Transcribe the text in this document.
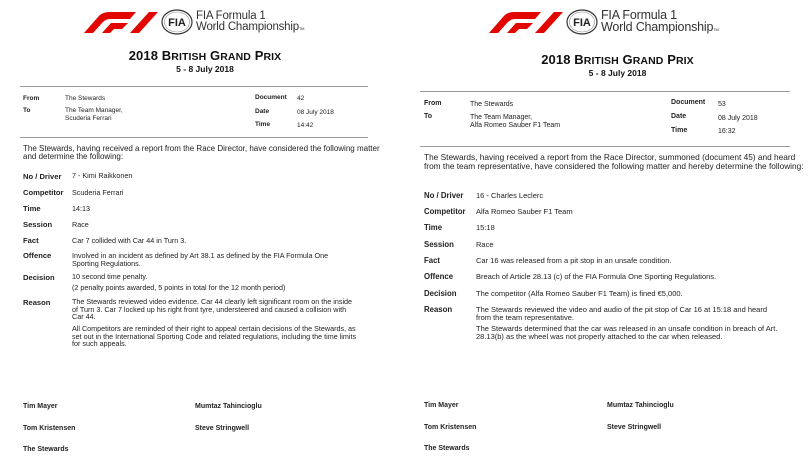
FIA
FIA Formula 1
World ChampionshipTM
2018 BRITISH GRAND PRIX
5 - 8 July 2018
From	The Stewards
To	The Team Manager,
Scuderia Ferrari
Document 42
Date	08 July 2018
Time	14:42
The Stewards, having received a report from the Race Director, have considered the following matter and determine the following:
No / Driver 7 - Kimi Raikkonen
Competitor Scuderia Ferrari
Time	14:13
Session	Race
Fact	Car 7 collided with Car 44 in Turn 3.
Offence	Involved in an incident as defined by Art 38.1 as defined by the FIA Formula One Sporting Regulations.
Decision 10 second time penalty.
(2 penalty points awarded, 5 points in total for the 12 month period)
Reason	The Stewards reviewed video evidence. Car 44 clearly left significant room on the inside of Turn 3. Car 7 locked up his right front tyre, understeered and caused a collision with Car 44.
All Competitors are reminded of their right to appeal certain decisions of the Stewards, as set out in the International Sporting Code and related regulations, including the time limits for such appeals.
Tim Mayer	Mumtaz Tahincioglu
Tom Kristensen	Steve Stringwell
The Stewards
FIA
FIA Formula 1
World ChampionshipTM
2018 BRITISH GRAND PRIX
5 - 8 July 2018
From	The Stewards
To	The Team Manager,
Alfa Romeo Sauber F1 Team
Document 53
Date	08 July 2018
Time	16:32
The Stewards, having received a report from the Race Director, summoned (document 45) and heard from the team representative, have considered the following matter and hereby determine the following:
No / Driver 16 - Charles Leclerc
Competitor Alfa Romeo Sauber F1 Team
Time	15:18
Session	Race
Fact	Car 16 was released from a pit stop in an unsafe condition.
Offence	Breach of Article 28.13 (c) of the FIA Formula One Sporting Regulations.
Decision	The competitor (Alfa Romeo Sauber F1 Team) is fined €5,000.
Reason	The Stewards reviewed the video and audio of the pit stop of Car 16 at 15:18 and heard from the team representative.
The Stewards determined that the car was released in an unsafe condition in breach of Art. 28.13(b) as the wheel was not properly attached to the car when released.
Tim Mayer	Mumtaz Tahincioglu
Tom Kristensen	Steve Stringwell
The Stewards
